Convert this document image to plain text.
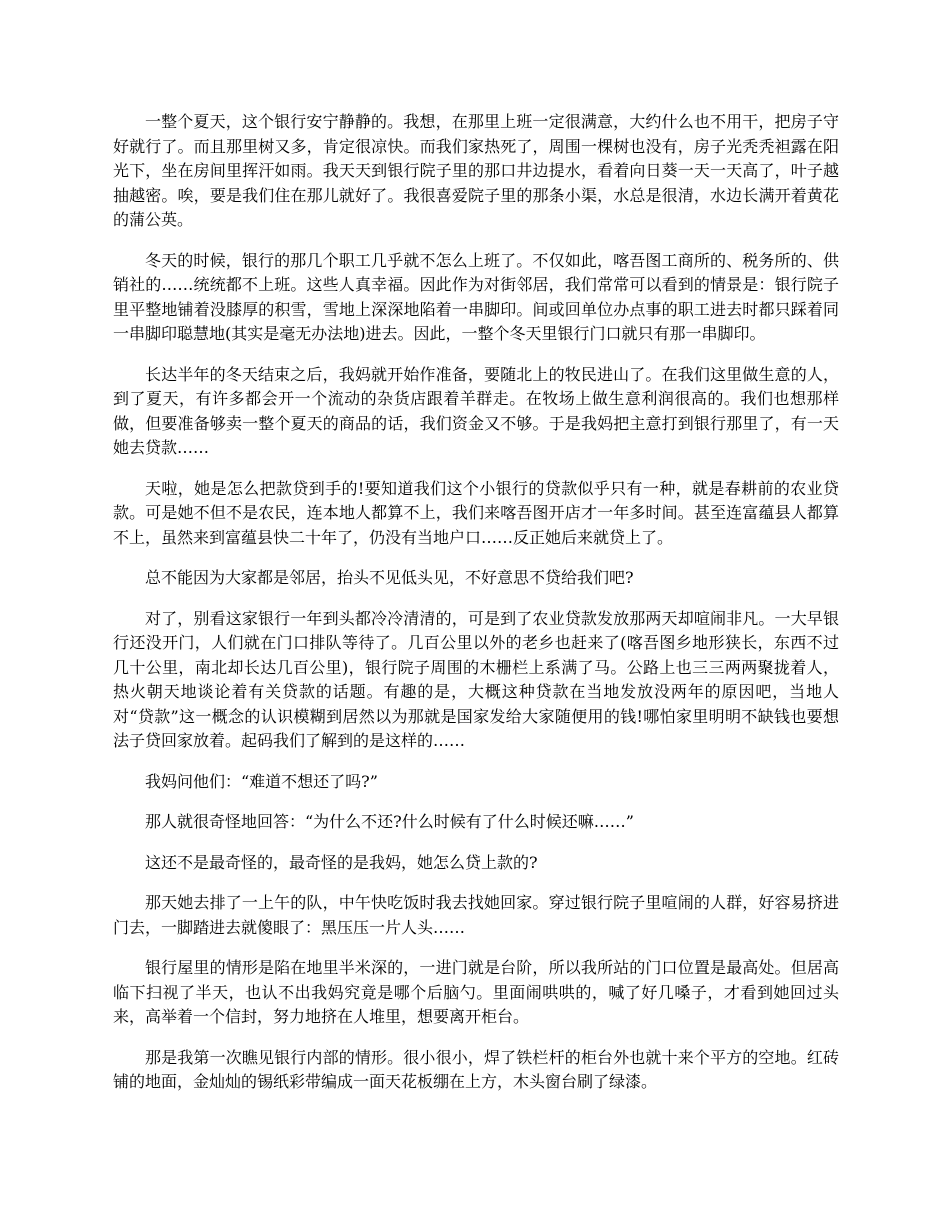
一整个夏天，这个银行安宁静静的。我想，在那里上班一定很满意，大约什么也不用干，把房子守好就行了。而且那里树又多，肯定很凉快。而我们家热死了，周围一棵树也没有，房子光秃秃袒露在阳光下，坐在房间里挥汗如雨。我天天到银行院子里的那口井边提水，看着向日葵一天一天高了，叶子越抽越密。唉，要是我们住在那儿就好了。我很喜爱院子里的那条小渠，水总是很清，水边长满开着黄花的蒲公英。

冬天的时候，银行的那几个职工几乎就不怎么上班了。不仅如此，喀吾图工商所的、税务所的、供销社的……统统都不上班。这些人真幸福。因此作为对街邻居，我们常常可以看到的情景是：银行院子里平整地铺着没膝厚的积雪，雪地上深深地陷着一串脚印。间或回单位办点事的职工进去时都只踩着同一串脚印聪慧地(其实是毫无办法地)进去。因此，一整个冬天里银行门口就只有那一串脚印。

长达半年的冬天结束之后，我妈就开始作准备，要随北上的牧民进山了。在我们这里做生意的人，到了夏天，有许多都会开一个流动的杂货店跟着羊群走。在牧场上做生意利润很高的。我们也想那样做，但要准备够卖一整个夏天的商品的话，我们资金又不够。于是我妈把主意打到银行那里了，有一天她去贷款……

天啦，她是怎么把款贷到手的!要知道我们这个小银行的贷款似乎只有一种，就是春耕前的农业贷款。可是她不但不是农民，连本地人都算不上，我们来喀吾图开店才一年多时间。甚至连富蕴县人都算不上，虽然来到富蕴县快二十年了，仍没有当地户口……反正她后来就贷上了。

总不能因为大家都是邻居，抬头不见低头见，不好意思不贷给我们吧?

对了，别看这家银行一年到头都冷冷清清的，可是到了农业贷款发放那两天却喧闹非凡。一大早银行还没开门，人们就在门口排队等待了。几百公里以外的老乡也赶来了(喀吾图乡地形狭长，东西不过几十公里，南北却长达几百公里)，银行院子周围的木栅栏上系满了马。公路上也三三两两聚拢着人，热火朝天地谈论着有关贷款的话题。有趣的是，大概这种贷款在当地发放没两年的原因吧，当地人对“贷款”这一概念的认识模糊到居然以为那就是国家发给大家随便用的钱!哪怕家里明明不缺钱也要想法子贷回家放着。起码我们了解到的是这样的……

我妈问他们：“难道不想还了吗?”

那人就很奇怪地回答：“为什么不还?什么时候有了什么时候还嘛……”

这还不是最奇怪的，最奇怪的是我妈，她怎么贷上款的?

那天她去排了一上午的队，中午快吃饭时我去找她回家。穿过银行院子里喧闹的人群，好容易挤进门去，一脚踏进去就傻眼了：黑压压一片人头……

银行屋里的情形是陷在地里半米深的，一进门就是台阶，所以我所站的门口位置是最高处。但居高临下扫视了半天，也认不出我妈究竟是哪个后脑勺。里面闹哄哄的，喊了好几嗓子，才看到她回过头来，高举着一个信封，努力地挤在人堆里，想要离开柜台。

那是我第一次瞧见银行内部的情形。很小很小，焊了铁栏杆的柜台外也就十来个平方的空地。红砖铺的地面，金灿灿的锡纸彩带编成一面天花板绷在上方，木头窗台刷了绿漆。
